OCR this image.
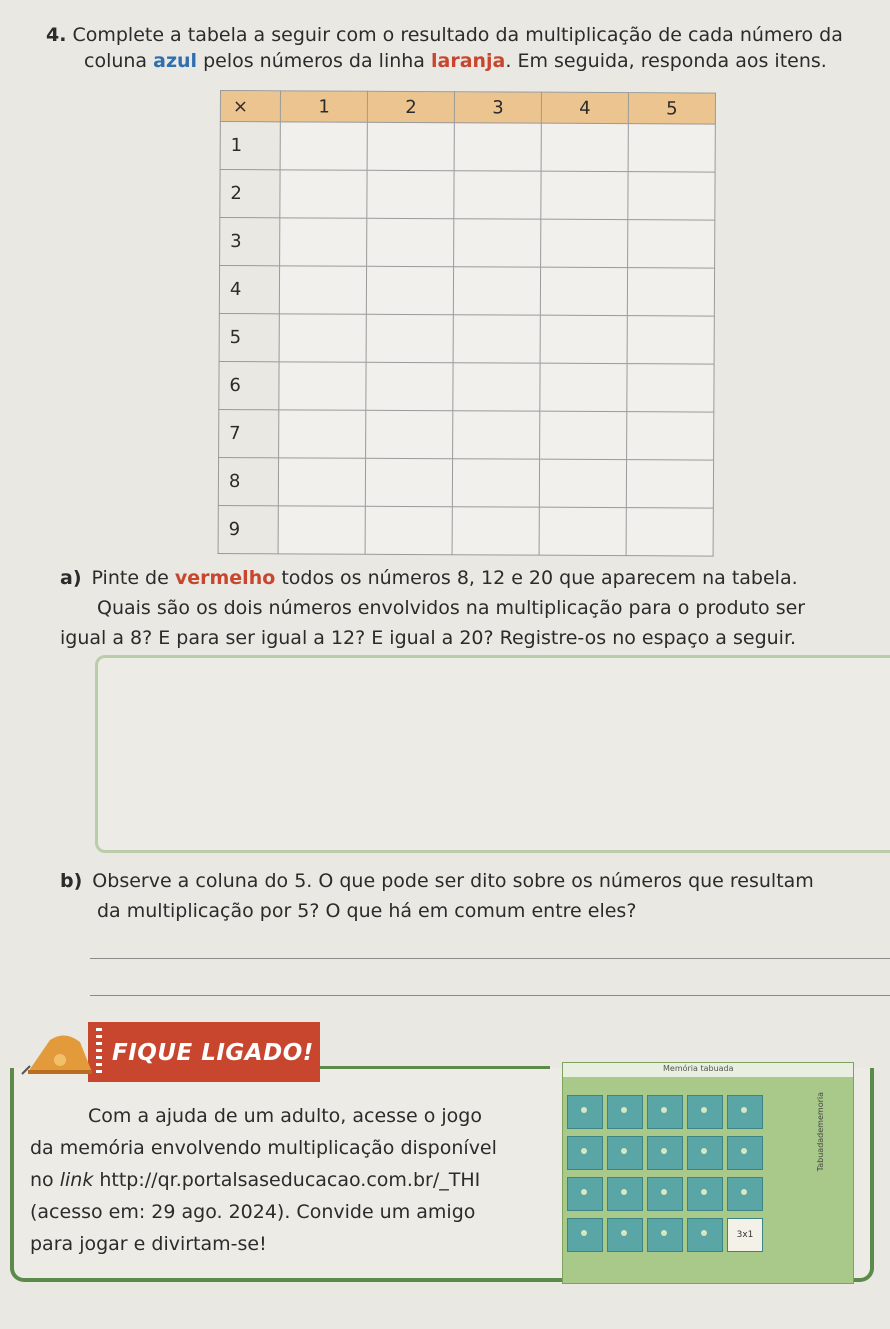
4. Complete a tabela a seguir com o resultado da multiplicação de cada número da
coluna azul pelos números da linha laranja. Em seguida, responda aos itens.
×	1	2	3	4	5
1					
2					
3					
4					
5					
6					
7					
8					
9					
a) Pinte de vermelho todos os números 8, 12 e 20 que aparecem na tabela.
Quais são os dois números envolvidos na multiplicação para o produto ser
igual a 8? E para ser igual a 12? E igual a 20? Registre-os no espaço a seguir.
b) Observe a coluna do 5. O que pode ser dito sobre os números que resultam
da multiplicação por 5? O que há em comum entre eles?
FIQUE LIGADO!
Com a ajuda de um adulto, acesse o jogo
da memória envolvendo multiplicação disponível
no link http://qr.portalsaseducacao.com.br/_THI
(acesso em: 29 ago. 2024). Convide um amigo
para jogar e divirtam-se!
Memória tabuada
3x1
Tabuadadememoria
